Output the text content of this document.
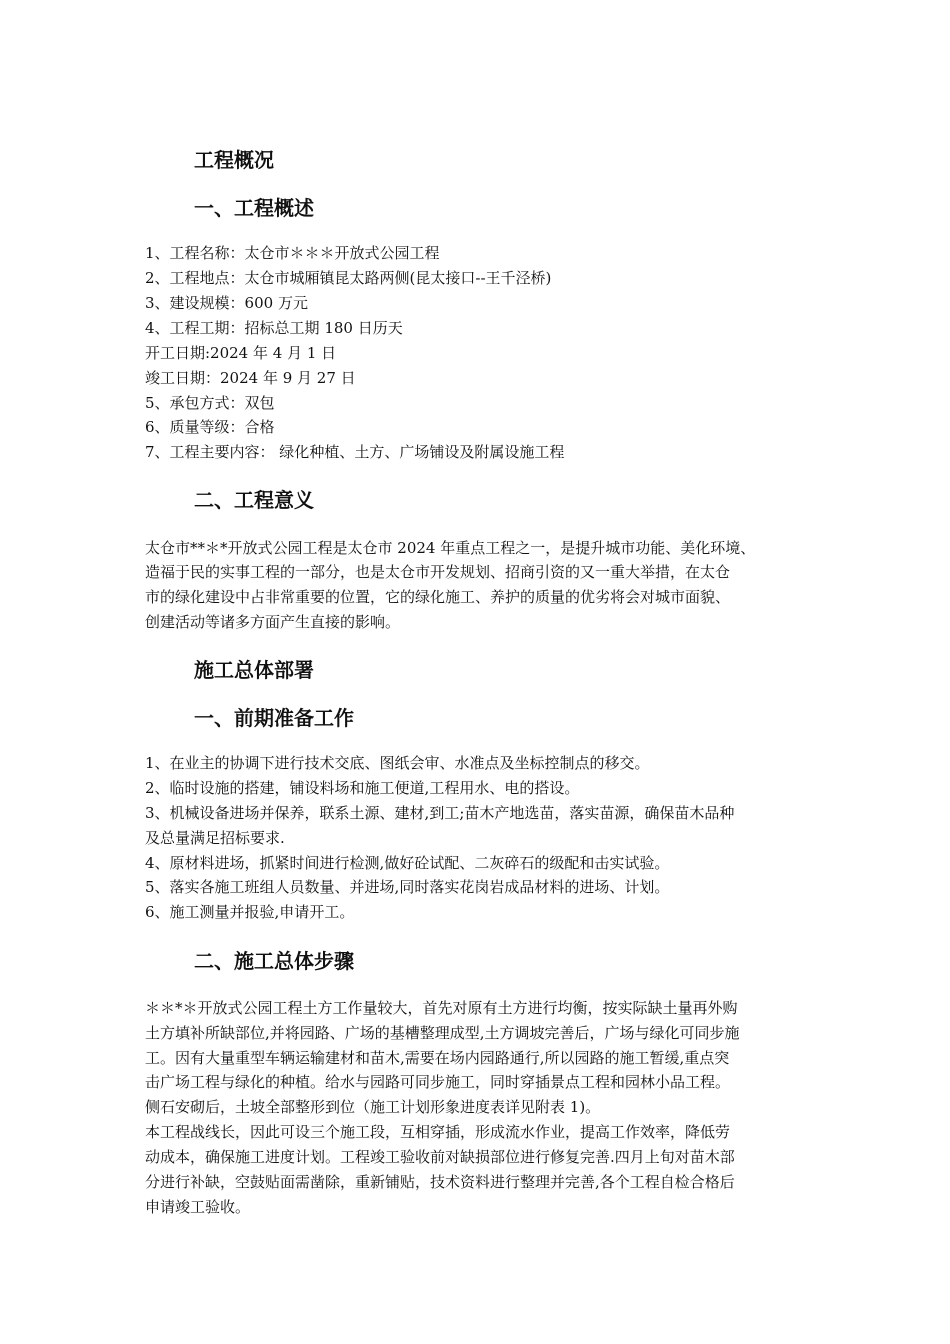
工程概况
一、工程概述
1、工程名称：太仓市＊＊＊开放式公园工程
2、工程地点：太仓市城厢镇昆太路两侧(昆太接口--王千泾桥)
3、建设规模：600 万元
4、工程工期：招标总工期 180 日历天
开工日期:2024 年 4 月 1 日
竣工日期：2024 年 9 月 27 日
5、承包方式：双包
6、质量等级：合格
7、工程主要内容： 绿化种植、土方、广场铺设及附属设施工程
二、工程意义
太仓市**＊*开放式公园工程是太仓市 2024 年重点工程之一，是提升城市功能、美化环境、
造福于民的实事工程的一部分，也是太仓市开发规划、招商引资的又一重大举措，在太仓
市的绿化建设中占非常重要的位置，它的绿化施工、养护的质量的优劣将会对城市面貌、
创建活动等诸多方面产生直接的影响。
施工总体部署
一、前期准备工作
1、在业主的协调下进行技术交底、图纸会审、水准点及坐标控制点的移交。
2、临时设施的搭建，铺设料场和施工便道,工程用水、电的搭设。
3、机械设备进场并保养，联系土源、建材,到工;苗木产地选苗，落实苗源，确保苗木品种
及总量满足招标要求.
4、原材料进场，抓紧时间进行检测,做好砼试配、二灰碎石的级配和击实试验。
5、落实各施工班组人员数量、并进场,同时落实花岗岩成品材料的进场、计划。
6、施工测量并报验,申请开工。
二、施工总体步骤
＊＊*＊开放式公园工程土方工作量较大，首先对原有土方进行均衡，按实际缺土量再外购
土方填补所缺部位,并将园路、广场的基槽整理成型,土方调坡完善后，广场与绿化可同步施
工。因有大量重型车辆运输建材和苗木,需要在场内园路通行,所以园路的施工暂缓,重点突
击广场工程与绿化的种植。给水与园路可同步施工，同时穿插景点工程和园林小品工程。
侧石安砌后，土坡全部整形到位（施工计划形象进度表详见附表 1)。
本工程战线长，因此可设三个施工段，互相穿插，形成流水作业，提高工作效率，降低劳
动成本，确保施工进度计划。工程竣工验收前对缺损部位进行修复完善.四月上旬对苗木部
分进行补缺，空鼓贴面需凿除，重新铺贴，技术资料进行整理并完善,各个工程自检合格后
申请竣工验收。
